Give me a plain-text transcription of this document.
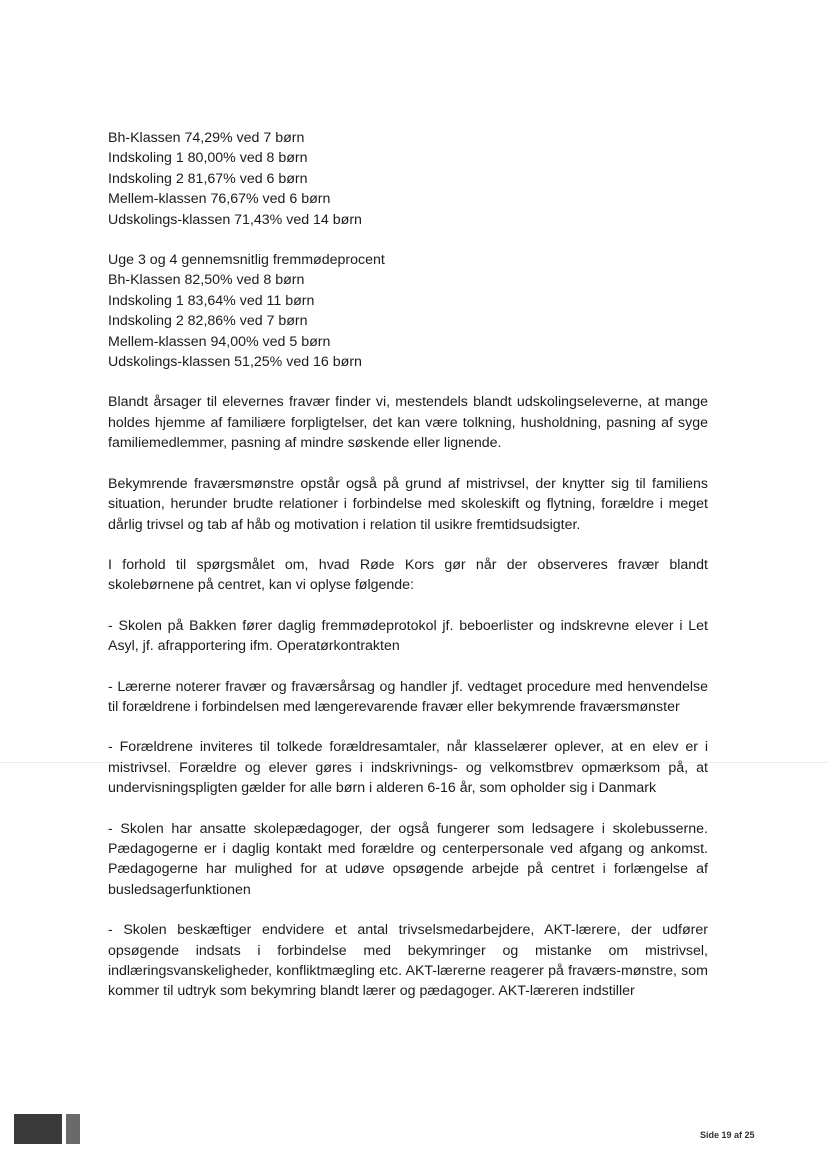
Bh-Klassen 74,29% ved 7 børn

Indskoling 1 80,00% ved 8 børn

Indskoling 2 81,67% ved 6 børn

Mellem-klassen 76,67% ved 6 børn

Udskolings-klassen 71,43% ved 14 børn

Uge 3 og 4 gennemsnitlig fremmødeprocent

Bh-Klassen 82,50% ved 8 børn

Indskoling 1 83,64% ved 11 børn

Indskoling 2 82,86% ved 7 børn

Mellem-klassen 94,00% ved 5 børn

Udskolings-klassen 51,25% ved 16 børn

Blandt årsager til elevernes fravær finder vi, mestendels blandt udskolingseleverne, at mange holdes hjemme af familiære forpligtelser, det kan være tolkning, husholdning, pasning af syge familiemedlemmer, pasning af mindre søskende eller lignende.

Bekymrende fraværsmønstre opstår også på grund af mistrivsel, der knytter sig til familiens situation, herunder brudte relationer i forbindelse med skoleskift og flytning, forældre i meget dårlig trivsel og tab af håb og motivation i relation til usikre fremtidsudsigter.

I forhold til spørgsmålet om, hvad Røde Kors gør når der observeres fravær blandt skolebørnene på centret, kan vi oplyse følgende:

- Skolen på Bakken fører daglig fremmødeprotokol jf. beboerlister og indskrevne elever i Let Asyl, jf. afrapportering ifm. Operatørkontrakten

- Lærerne noterer fravær og fraværsårsag og handler jf. vedtaget procedure med henvendelse til forældrene i forbindelsen med længerevarende fravær eller bekymrende fraværsmønster

- Forældrene inviteres til tolkede forældresamtaler, når klasselærer oplever, at en elev er i mistrivsel. Forældre og elever gøres i indskrivnings- og velkomstbrev opmærksom på, at undervisningspligten gælder for alle børn i alderen 6-16 år, som opholder sig i Danmark

- Skolen har ansatte skolepædagoger, der også fungerer som ledsagere i skolebusserne. Pædagogerne er i daglig kontakt med forældre og centerpersonale ved afgang og ankomst. Pædagogerne har mulighed for at udøve opsøgende arbejde på centret i forlængelse af busledsagerfunktionen

- Skolen beskæftiger endvidere et antal trivselsmedarbejdere, AKT-lærere, der udfører opsøgende indsats i forbindelse med bekymringer og mistanke om mistrivsel, indlæringsvanskeligheder, konfliktmægling etc. AKT-lærerne reagerer på fraværs-mønstre, som kommer til udtryk som bekymring blandt lærer og pædagoger. AKT-læreren indstiller

Side 19 af 25
